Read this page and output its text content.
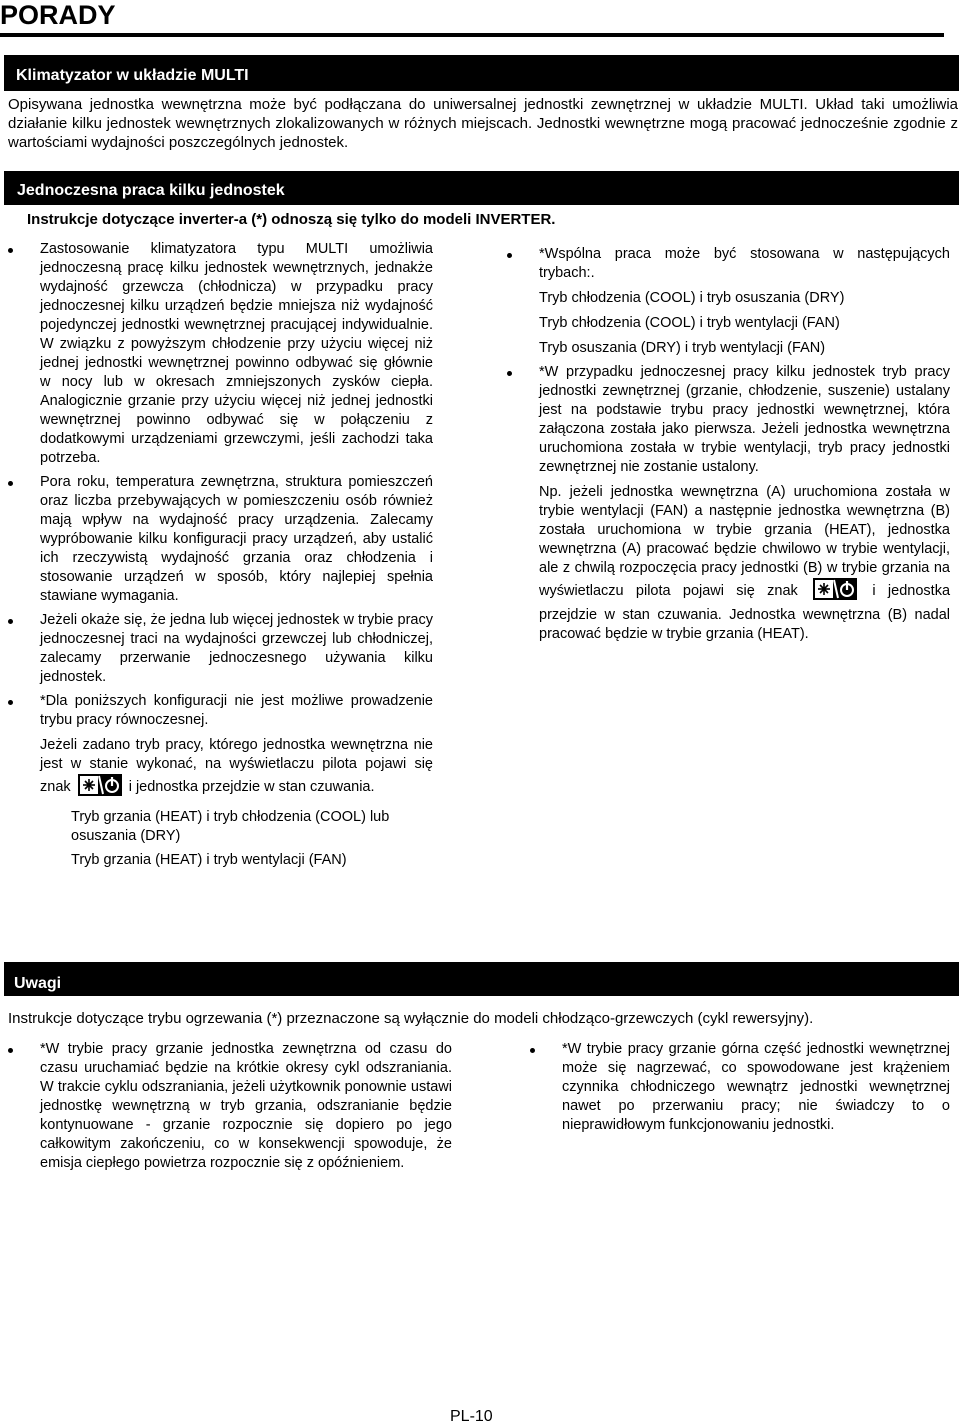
PORADY
Klimatyzator w układzie MULTI

Opisywana jednostka wewnętrzna może być podłączana do uniwersalnej jednostki zewnętrznej w układzie MULTI. Układ taki umożliwia działanie kilku jednostek wewnętrznych zlokalizowanych w różnych miejscach. Jednostki wewnętrzne mogą pracować jednocześnie zgodnie z wartościami wydajności poszczególnych jednostek.

Jednoczesna praca kilku jednostek

Instrukcje dotyczące inverter-a (*) odnoszą się tylko do modeli INVERTER.

Zastosowanie klimatyzatora typu MULTI umożliwia jednoczesną pracę kilku jednostek wewnętrznych, jednakże wydajność grzewcza (chłodnicza) w przypadku pracy jednoczesnej kilku urządzeń będzie mniejsza niż wydajność pojedynczej jednostki wewnętrznej pracującej indywidualnie. W związku z powyższym chłodzenie przy użyciu więcej niż jednej jednostki wewnętrznej powinno odbywać się głównie w nocy lub w okresach zmniejszonych zysków ciepła. Analogicznie grzanie przy użyciu więcej niż jednej jednostki wewnętrznej powinno odbywać się w połączeniu z dodatkowymi urządzeniami grzewczymi, jeśli zachodzi taka potrzeba.

Pora roku, temperatura zewnętrzna, struktura pomieszczeń oraz liczba przebywających w pomieszczeniu osób również mają wpływ na wydajność pracy urządzenia. Zalecamy wypróbowanie kilku konfiguracji pracy urządzeń, aby ustalić ich rzeczywistą wydajność grzania oraz chłodzenia i stosowanie urządzeń w sposób, który najlepiej spełnia stawiane wymagania.

Jeżeli okaże się, że jedna lub więcej jednostek w trybie pracy jednoczesnej traci na wydajności grzewczej lub chłodniczej, zalecamy przerwanie jednoczesnego używania kilku jednostek.

*Dla poniższych konfiguracji nie jest możliwe prowadzenie trybu pracy równoczesnej.

Jeżeli zadano tryb pracy, którego jednostka wewnętrzna nie jest w stanie wykonać, na wyświetlaczu pilota pojawi się znak	i jednostka przejdzie w stan czuwania.

Tryb grzania (HEAT) i tryb chłodzenia (COOL) lub osuszania (DRY)

Tryb grzania (HEAT) i tryb wentylacji (FAN)

*Wspólna praca może być stosowana w następujących trybach:.

Tryb chłodzenia (COOL) i tryb osuszania (DRY)

Tryb chłodzenia (COOL) i tryb wentylacji (FAN)

Tryb osuszania (DRY) i tryb wentylacji (FAN)

*W przypadku jednoczesnej pracy kilku jednostek tryb pracy jednostki zewnętrznej (grzanie, chłodzenie, suszenie) ustalany jest na podstawie trybu pracy jednostki wewnętrznej, która załączona została jako pierwsza. Jeżeli jednostka wewnętrzna uruchomiona została w trybie wentylacji, tryb pracy jednostki zewnętrznej nie zostanie ustalony.

Np. jeżeli jednostka wewnętrzna (A) uruchomiona została w trybie wentylacji (FAN) a następnie jednostka wewnętrzna (B) została uruchomiona w trybie grzania (HEAT), jednostka wewnętrzna (A) pracować będzie chwilowo w trybie wentylacji, ale z chwilą rozpoczęcia pracy jednostki (B) w trybie grzania na wyświetlaczu pilota pojawi się znak	i jednostka przejdzie w stan czuwania. Jednostka wewnętrzna (B) nadal pracować będzie w trybie grzania (HEAT).

Uwagi

Instrukcje dotyczące trybu ogrzewania (*) przeznaczone są wyłącznie do modeli chłodząco-grzewczych (cykl rewersyjny).

*W trybie pracy grzanie jednostka zewnętrzna od czasu do czasu uruchamiać będzie na krótkie okresy cykl odszraniania. W trakcie cyklu odszraniania, jeżeli użytkownik ponownie ustawi jednostkę wewnętrzną w tryb grzania, odszranianie będzie kontynuowane - grzanie rozpocznie się dopiero po jego całkowitym zakończeniu, co w konsekwencji spowoduje, że emisja ciepłego powietrza rozpocznie się z opóźnieniem.

*W trybie pracy grzanie górna część jednostki wewnętrznej może się nagrzewać, co spowodowane jest krążeniem czynnika chłodniczego wewnątrz jednostki wewnętrznej nawet po przerwaniu pracy; nie świadczy to o nieprawidłowym funkcjonowaniu jednostki.

PL-10
